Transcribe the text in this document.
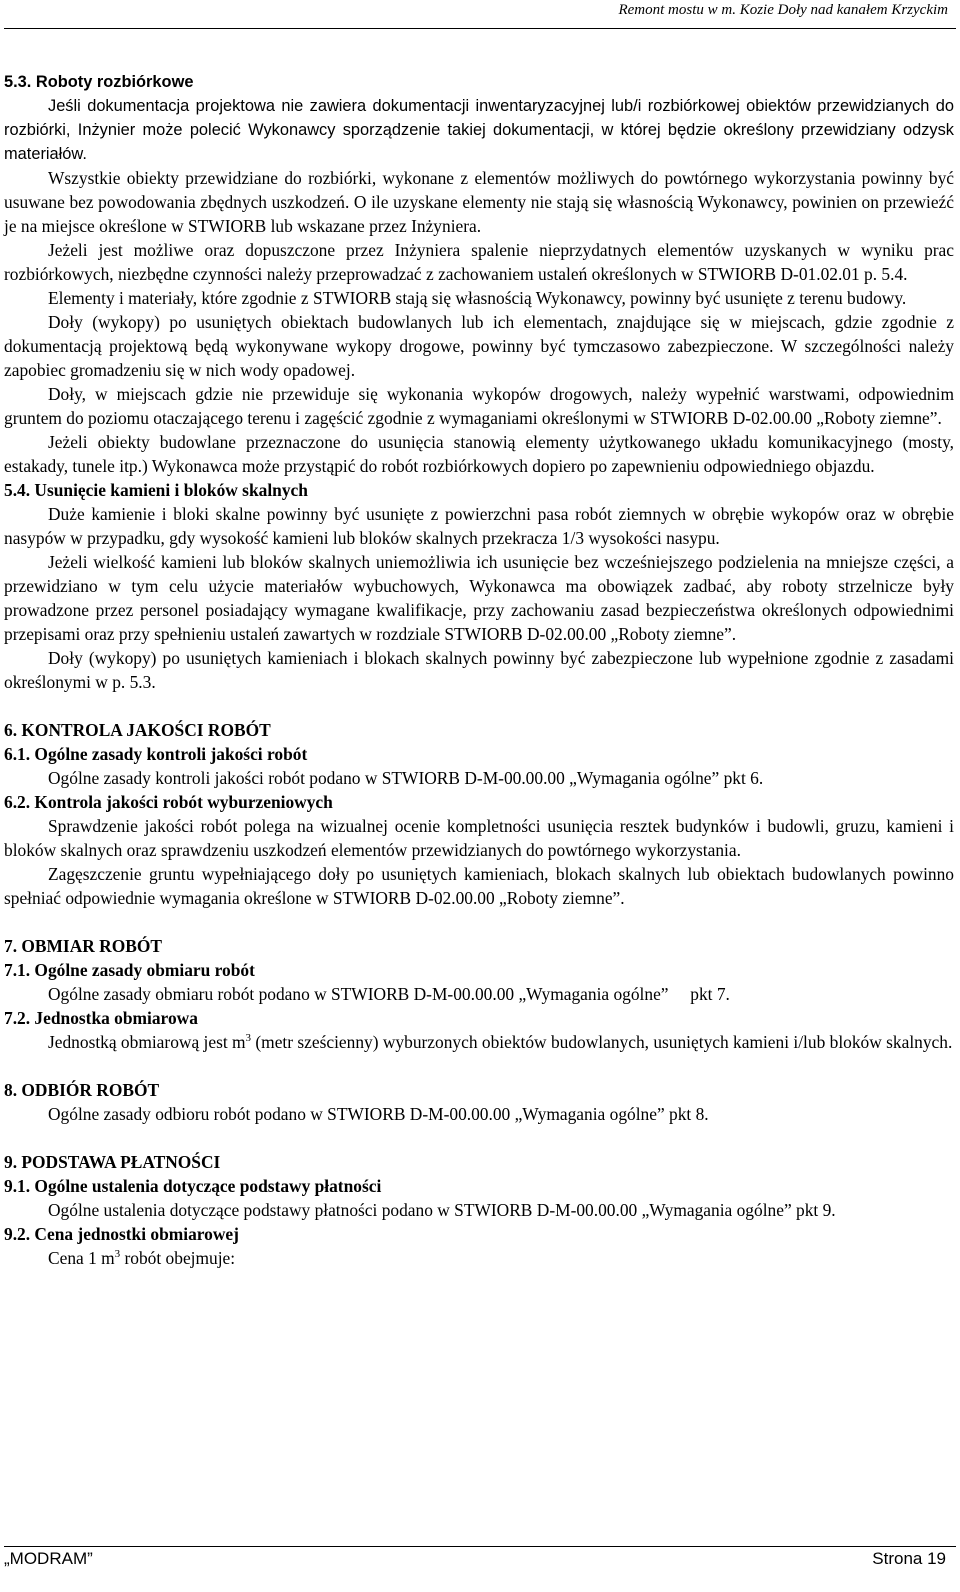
Remont mostu w m. Kozie Doły nad kanałem Krzyckim
5.3. Roboty rozbiórkowe

Jeśli dokumentacja projektowa nie zawiera dokumentacji inwentaryzacyjnej lub/i rozbiórkowej obiektów przewidzianych do rozbiórki, Inżynier może polecić Wykonawcy sporządzenie takiej dokumentacji, w której będzie określony przewidziany odzysk materiałów.

Wszystkie obiekty przewidziane do rozbiórki, wykonane z elementów możliwych do powtórnego wykorzystania powinny być usuwane bez powodowania zbędnych uszkodzeń. O ile uzyskane elementy nie stają się własnością Wykonawcy, powinien on przewieźć je na miejsce określone w STWIORB lub wskazane przez Inżyniera.

Jeżeli jest możliwe oraz dopuszczone przez Inżyniera spalenie nieprzydatnych elementów uzyskanych w wyniku prac rozbiórkowych, niezbędne czynności należy przeprowadzać z zachowaniem ustaleń określonych w STWIORB D-01.02.01 p. 5.4.

Elementy i materiały, które zgodnie z STWIORB stają się własnością Wykonawcy, powinny być usunięte z terenu budowy.

Doły (wykopy) po usuniętych obiektach budowlanych lub ich elementach, znajdujące się w miejscach, gdzie zgodnie z dokumentacją projektową będą wykonywane wykopy drogowe, powinny być tymczasowo zabezpieczone. W szczególności należy zapobiec gromadzeniu się w nich wody opadowej.

Doły, w miejscach gdzie nie przewiduje się wykonania wykopów drogowych, należy wypełnić warstwami, odpowiednim gruntem do poziomu otaczającego terenu i zagęścić zgodnie z wymaganiami określonymi w STWIORB D-02.00.00 „Roboty ziemne”.

Jeżeli obiekty budowlane przeznaczone do usunięcia stanowią elementy użytkowanego układu komunikacyjnego (mosty, estakady, tunele itp.) Wykonawca może przystąpić do robót rozbiórkowych dopiero po zapewnieniu odpowiedniego objazdu.

5.4. Usunięcie kamieni i bloków skalnych

Duże kamienie i bloki skalne powinny być usunięte z powierzchni pasa robót ziemnych w obrębie wykopów oraz w obrębie nasypów w przypadku, gdy wysokość kamieni lub bloków skalnych przekracza 1/3 wysokości nasypu.

Jeżeli wielkość kamieni lub bloków skalnych uniemożliwia ich usunięcie bez wcześniejszego podzielenia na mniejsze części, a przewidziano w tym celu użycie materiałów wybuchowych, Wykonawca ma obowiązek zadbać, aby roboty strzelnicze były prowadzone przez personel posiadający wymagane kwalifikacje, przy zachowaniu zasad bezpieczeństwa określonych odpowiednimi przepisami oraz przy spełnieniu ustaleń zawartych w rozdziale STWIORB D-02.00.00 „Roboty ziemne”.

Doły (wykopy) po usuniętych kamieniach i blokach skalnych powinny być zabezpieczone lub wypełnione zgodnie z zasadami określonymi w p. 5.3.

6. KONTROLA JAKOŚCI ROBÓT
6.1. Ogólne zasady kontroli jakości robót

Ogólne zasady kontroli jakości robót podano w STWIORB D-M-00.00.00 „Wymagania ogólne” pkt 6.

6.2. Kontrola jakości robót wyburzeniowych

Sprawdzenie jakości robót polega na wizualnej ocenie kompletności usunięcia resztek budynków i budowli, gruzu, kamieni i bloków skalnych oraz sprawdzeniu uszkodzeń elementów przewidzianych do powtórnego wykorzystania.

Zagęszczenie gruntu wypełniającego doły po usuniętych kamieniach, blokach skalnych lub obiektach budowlanych powinno spełniać odpowiednie wymagania określone w STWIORB D-02.00.00 „Roboty ziemne”.

7. OBMIAR ROBÓT
7.1. Ogólne zasady obmiaru robót

Ogólne zasady obmiaru robót podano w STWIORB D-M-00.00.00 „Wymagania ogólne”     pkt 7.

7.2. Jednostka obmiarowa

Jednostką obmiarową jest $m^3$ (metr sześcienny) wyburzonych obiektów budowlanych, usuniętych kamieni i/lub bloków skalnych.

8. ODBIÓR ROBÓT

Ogólne zasady odbioru robót podano w STWIORB D-M-00.00.00 „Wymagania ogólne” pkt 8.

9. PODSTAWA PŁATNOŚCI
9.1. Ogólne ustalenia dotyczące podstawy płatności

Ogólne ustalenia dotyczące podstawy płatności podano w STWIORB D-M-00.00.00 „Wymagania ogólne” pkt 9.

9.2. Cena jednostki obmiarowej

Cena 1 $m^3$ robót obejmuje:

„MODRAM”	Strona 19
